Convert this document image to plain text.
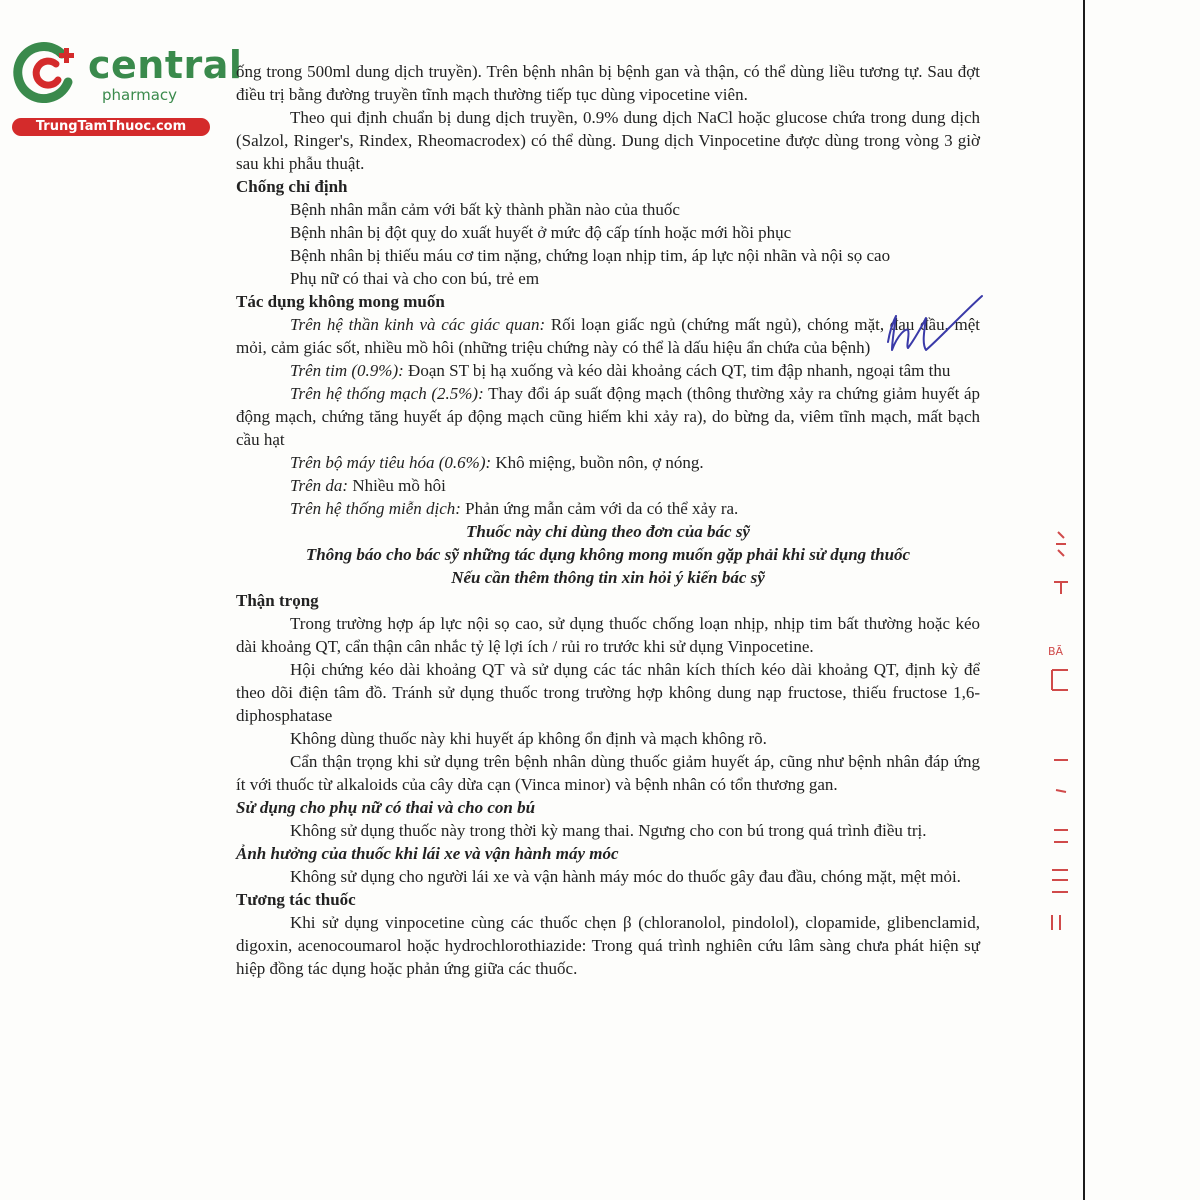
central
pharmacy
TrungTamThuoc.com

ống trong 500ml dung dịch truyền). Trên bệnh nhân bị bệnh gan và thận, có thể dùng liều tương tự. Sau đợt điều trị bằng đường truyền tĩnh mạch thường tiếp tục dùng vipocetine viên.

Theo qui định chuẩn bị dung dịch truyền, 0.9% dung dịch NaCl hoặc glucose chứa trong dung dịch (Salzol, Ringer's, Rindex, Rheomacrodex) có thể dùng. Dung dịch Vinpocetine được dùng trong vòng 3 giờ sau khi phẫu thuật.

Chống chỉ định

Bệnh nhân mẫn cảm với bất kỳ thành phần nào của thuốc

Bệnh nhân bị đột quỵ do xuất huyết ở mức độ cấp tính hoặc mới hồi phục

Bệnh nhân bị thiếu máu cơ tim nặng, chứng loạn nhịp tim, áp lực nội nhãn và nội sọ cao

Phụ nữ có thai và cho con bú, trẻ em

Tác dụng không mong muốn

Trên hệ thần kinh và các giác quan: Rối loạn giấc ngủ (chứng mất ngủ), chóng mặt, đau đầu, mệt mỏi, cảm giác sốt, nhiều mồ hôi (những triệu chứng này có thể là dấu hiệu ẩn chứa của bệnh)

Trên tim (0.9%): Đoạn ST bị hạ xuống và kéo dài khoảng cách QT, tim đập nhanh, ngoại tâm thu

Trên hệ thống mạch (2.5%): Thay đổi áp suất động mạch (thông thường xảy ra chứng giảm huyết áp động mạch, chứng tăng huyết áp động mạch cũng hiếm khi xảy ra), do bừng da, viêm tĩnh mạch, mất bạch cầu hạt

Trên bộ máy tiêu hóa (0.6%): Khô miệng, buồn nôn, ợ nóng.

Trên da: Nhiều mồ hôi

Trên hệ thống miễn dịch: Phản ứng mẫn cảm với da có thể xảy ra.

Thuốc này chỉ dùng theo đơn của bác sỹ

Thông báo cho bác sỹ những tác dụng không mong muốn gặp phải khi sử dụng thuốc

Nếu cần thêm thông tin xin hỏi ý kiến bác sỹ

Thận trọng

Trong trường hợp áp lực nội sọ cao, sử dụng thuốc chống loạn nhịp, nhịp tim bất thường hoặc kéo dài khoảng QT, cẩn thận cân nhắc tỷ lệ lợi ích / rủi ro trước khi sử dụng Vinpocetine.

Hội chứng kéo dài khoảng QT và sử dụng các tác nhân kích thích kéo dài khoảng QT, định kỳ để theo dõi điện tâm đồ. Tránh sử dụng thuốc trong trường hợp không dung nạp fructose, thiếu fructose 1,6-diphosphatase

Không dùng thuốc này khi huyết áp không ổn định và mạch không rõ.

Cẩn thận trọng khi sử dụng trên bệnh nhân dùng thuốc giảm huyết áp, cũng như bệnh nhân đáp ứng ít với thuốc từ alkaloids của cây dừa cạn (Vinca minor) và bệnh nhân có tổn thương gan.

Sử dụng cho phụ nữ có thai và cho con bú

Không sử dụng thuốc này trong thời kỳ mang thai. Ngưng cho con bú trong quá trình điều trị.

Ảnh hưởng của thuốc khi lái xe và vận hành máy móc

Không sử dụng cho người lái xe và vận hành máy móc do thuốc gây đau đầu, chóng mặt, mệt mỏi.

Tương tác thuốc

Khi sử dụng vinpocetine cùng các thuốc chẹn β (chloranolol, pindolol), clopamide, glibenclamid, digoxin, acenocoumarol hoặc hydrochlorothiazide: Trong quá trình nghiên cứu lâm sàng chưa phát hiện sự hiệp đồng tác dụng hoặc phản ứng giữa các thuốc.

BÃ
